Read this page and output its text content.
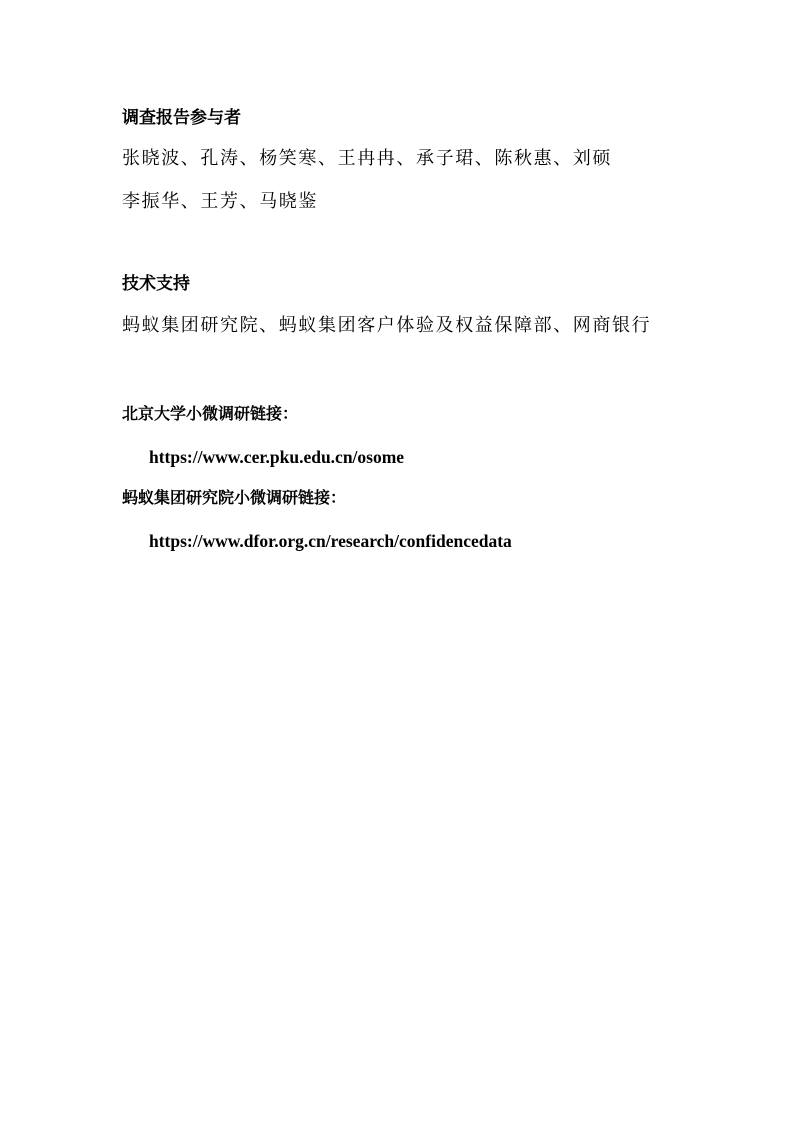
调查报告参与者
张晓波、孔涛、杨笑寒、王冉冉、承子珺、陈秋惠、刘硕
李振华、王芳、马晓鉴
技术支持
蚂蚁集团研究院、蚂蚁集团客户体验及权益保障部、网商银行
北京大学小微调研链接：
https://www.cer.pku.edu.cn/osome
蚂蚁集团研究院小微调研链接：
https://www.dfor.org.cn/research/confidencedata
